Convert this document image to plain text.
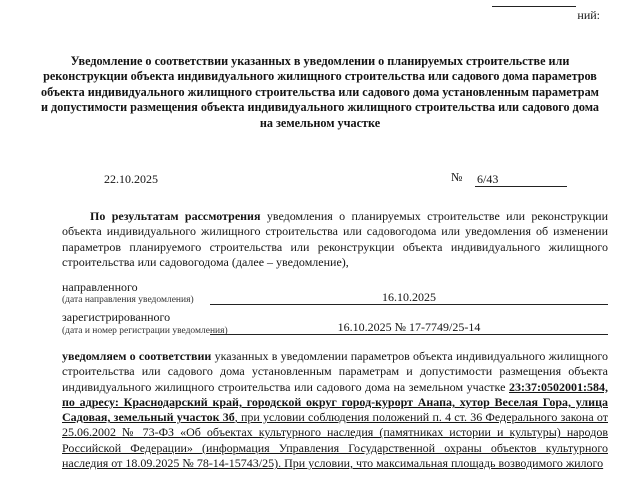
ний:
Уведомление о соответствии указанных в уведомлении о планируемых строительстве или реконструкции объекта индивидуального жилищного строительства или садового дома параметров объекта индивидуального жилищного строительства или садового дома установленным параметрам и допустимости размещения объекта индивидуального жилищного строительства или садового дома на земельном участке
22.10.2025	№ 6/43
По результатам рассмотрения уведомления о планируемых строительстве или реконструкции объекта индивидуального жилищного строительства или садовогодома или уведомления об изменении параметров планируемого строительства или реконструкции объекта индивидуального жилищного строительства или садовогодома (далее – уведомление),
направленного
(дата направления уведомления)	16.10.2025
зарегистрированного
(дата и номер регистрации уведомления)	16.10.2025 № 17-7749/25-14
уведомляем о соответствии указанных в уведомлении параметров объекта индивидуального жилищного строительства или садового дома установленным параметрам и допустимости размещения объекта индивидуального жилищного строительства или садового дома на земельном участке 23:37:0502001:584, по адресу: Краснодарский край, городской округ город-курорт Анапа, хутор Веселая Гора, улица Садовая, земельный участок 3б, при условии соблюдения положений п. 4 ст. 36 Федерального закона от 25.06.2002 № 73-ФЗ «Об объектах культурного наследия (памятниках истории и культуры) народов Российской Федерации» (информация Управления Государственной охраны объектов культурного наследия от 18.09.2025 № 78-14-15743/25). При условии, что максимальная площадь возводимого жилого
